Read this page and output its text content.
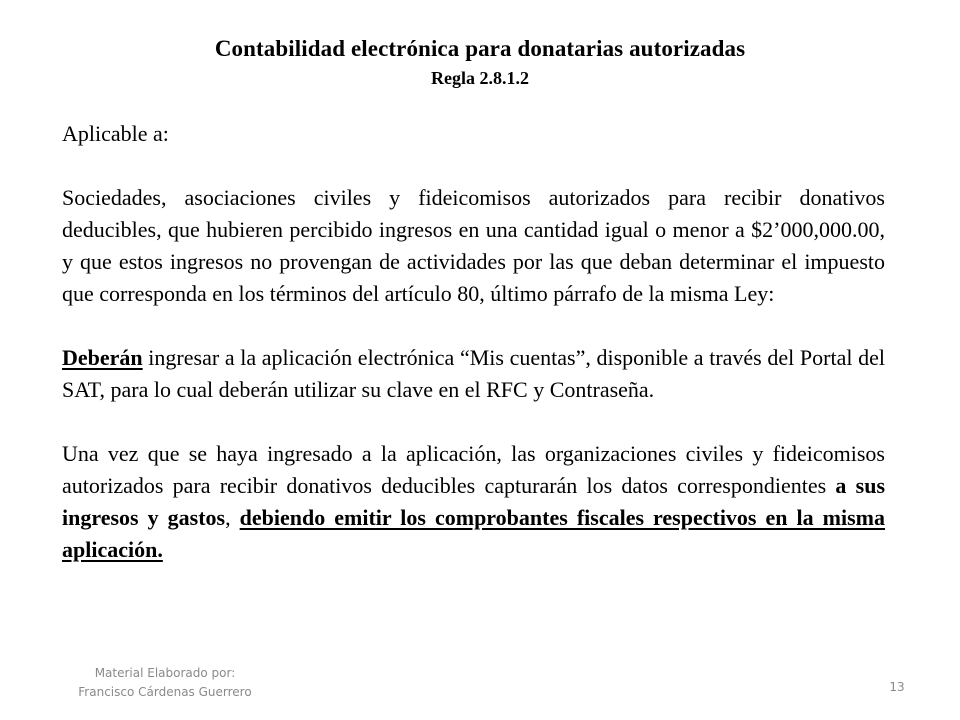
Contabilidad electrónica para donatarias autorizadas
Regla 2.8.1.2

Aplicable a:

Sociedades, asociaciones civiles y fideicomisos autorizados para recibir donativos deducibles, que hubieren percibido ingresos en una cantidad igual o menor a $2’000,000.00, y que estos ingresos no provengan de actividades por las que deban determinar el impuesto que corresponda en los términos del artículo 80, último párrafo de la misma Ley:

Deberán ingresar a la aplicación electrónica “Mis cuentas”, disponible a través del Portal del SAT, para lo cual deberán utilizar su clave en el RFC y Contraseña.

Una vez que se haya ingresado a la aplicación, las organizaciones civiles y fideicomisos autorizados para recibir donativos deducibles capturarán los datos correspondientes a sus ingresos y gastos, debiendo emitir los comprobantes fiscales respectivos en la misma aplicación.

Material Elaborado por:
Francisco Cárdenas Guerrero	13
